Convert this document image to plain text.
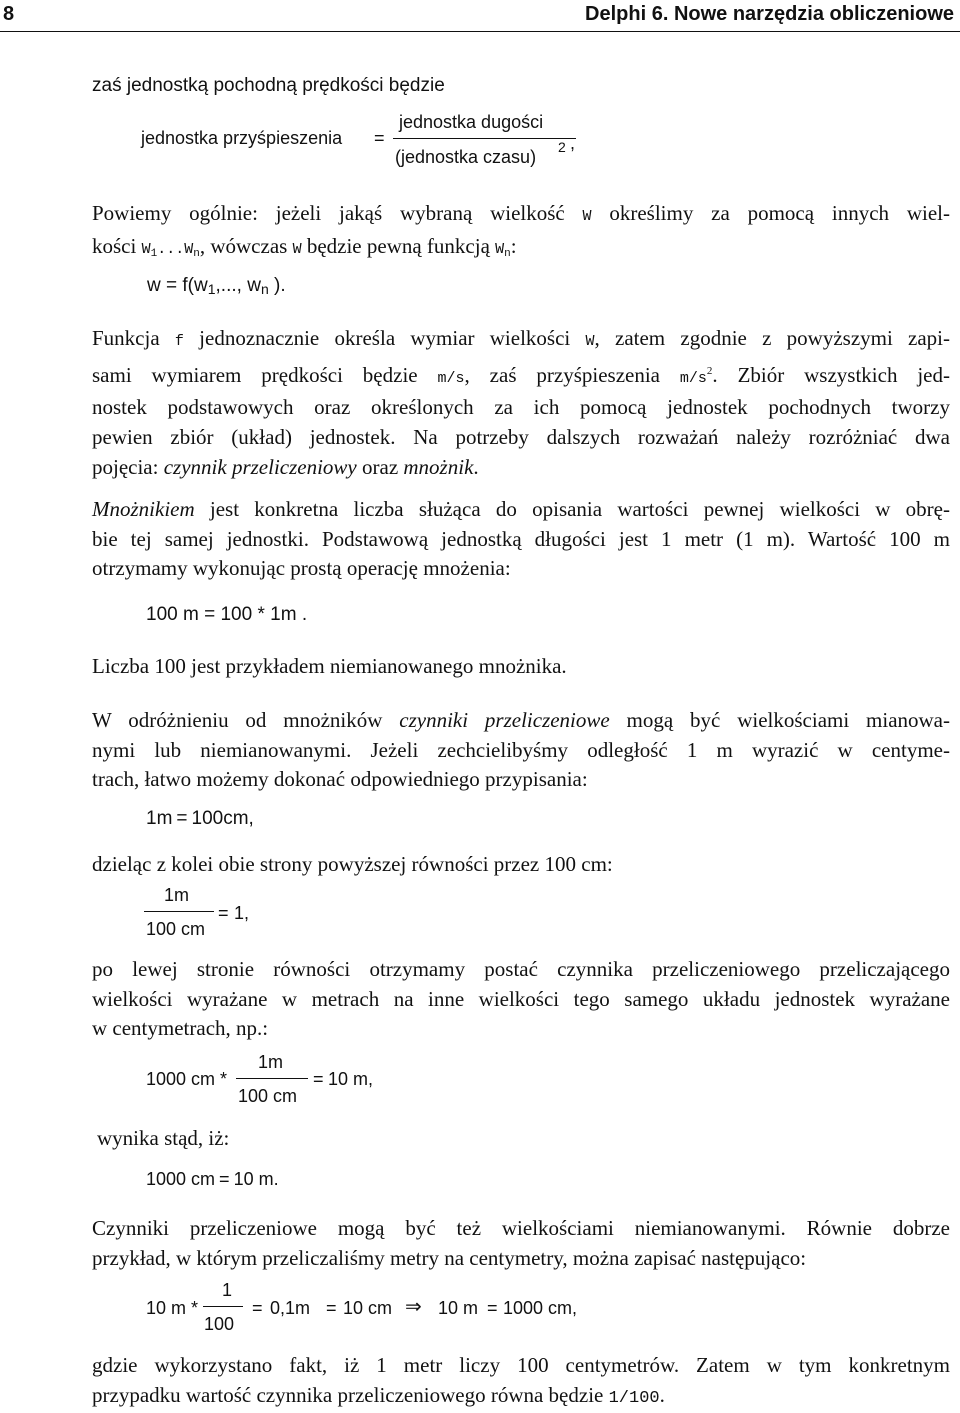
8	Delphi 6. Nowe narzędzia obliczeniowe
zaś jednostką pochodną prędkości będzie
jednostka przyśpieszenia =
jednostka dugości
(jednostka czasu) 2 ,
Powiemy ogólnie: jeżeli jakąś wybraną wielkość W określimy za pomocą innych wiel-
kości $W_1...W_n$, wówczas W będzie pewną funkcją $W_n$:
$w = f(w_1$,..., $w_n$ ).
Funkcja f jednoznacznie określa wymiar wielkości W, zatem zgodnie z powyższymi zapi-
sami wymiarem prędkości będzie m/s, zaś przyśpieszenia $m/s^2$. Zbiór wszystkich jed-
nostek podstawowych oraz określonych za ich pomocą jednostek pochodnych tworzy
pewien zbiór (układ) jednostek. Na potrzeby dalszych rozważań należy rozróżniać dwa
pojęcia: czynnik przeliczeniowy oraz mnożnik.
Mnożnikiem jest konkretna liczba służąca do opisania wartości pewnej wielkości w obrę-
bie tej samej jednostki. Podstawową jednostką długości jest 1 metr (1 m). Wartość 100 m
otrzymamy wykonując prostą operację mnożenia:
100 m = 100 * 1m .
Liczba 100 jest przykładem niemianowanego mnożnika.
W odróżnieniu od mnożników czynniki przeliczeniowe mogą być wielkościami mianowa-
nymi lub niemianowanymi. Jeżeli zechcielibyśmy odległość 1 m wyrazić w centyme-
trach, łatwo możemy dokonać odpowiedniego przypisania:
1m = 100cm,
dzieląc z kolei obie strony powyższej równości przez 100 cm:
1m
100 cm
= 1,
po lewej stronie równości otrzymamy postać czynnika przeliczeniowego przeliczającego
wielkości wyrażane w metrach na inne wielkości tego samego układu jednostek wyrażane
w centymetrach, np.:
1000 cm *
1m
100 cm
= 10 m,
wynika stąd, iż:
1000 cm = 10 m.
Czynniki przeliczeniowe mogą być też wielkościami niemianowanymi. Równie dobrze
przykład, w którym przeliczaliśmy metry na centymetry, można zapisać następująco:
10 m *
1
100
= 0,1m = 10 cm ⇒ 10 m = 1000 cm,
gdzie wykorzystano fakt, iż 1 metr liczy 100 centymetrów. Zatem w tym konkretnym
przypadku wartość czynnika przeliczeniowego równa będzie 1/100.
